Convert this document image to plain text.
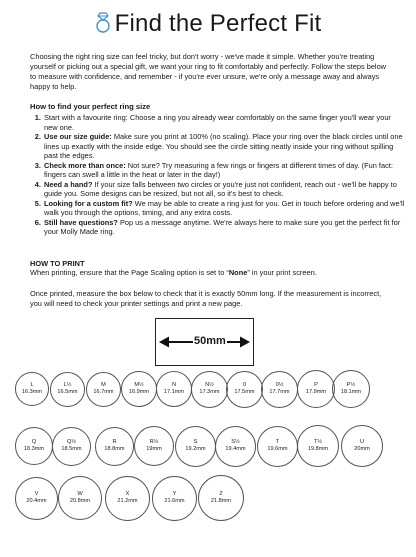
Find the Perfect Fit
Choosing the right ring size can feel tricky, but don't worry - we've made it simple. Whether you're treating yourself or picking out a special gift, we want your ring to fit comfortably and perfectly. Follow the steps below to measure with confidence, and remember - if you're ever unsure, we're only a message away and always happy to help.
How to find your perfect ring size
1. Start with a favourite ring: Choose a ring you already wear comfortably on the same finger you'll wear your new one.
2. Use our size guide: Make sure you print at 100% (no scaling). Place your ring over the black circles until one lines up exactly with the inside edge. You should see the circle sitting neatly inside your ring without spilling past the edges.
3. Check more than once: Not sure? Try measuring a few rings or fingers at different times of day. (Fun fact: fingers can swell a little in the heat or later in the day!)
4. Need a hand? If your size falls between two circles or you're just not confident, reach out - we'll be happy to guide you. Some designs can be resized, but not all, so it's best to check.
5. Looking for a custom fit? We may be able to create a ring just for you. Get in touch before ordering and we'll walk you through the options, timing, and any extra costs.
6. Still have questions? Pop us a message anytime. We're always here to make sure you get the perfect fit for your Molly Made ring.
HOW TO PRINT
When printing, ensure that the Page Scaling option is set to “None” in your print screen.
Once printed, measure the box below to check that it is exactly 50mm long. If the measurement is incorrect, you will need to check your printer settings and print a new page.
50mm
L
16.3mm
L½
16.5mm
M
16.7mm
M½
16.9mm
N
17.1mm
N½
17.3mm
0
17.5mm
0½
17.7mm
P
17.9mm
P½
18.1mm
Q
18.3mm
Q½
18.5mm
R
18.8mm
R½
19mm
S
19.2mm
S½
19.4mm
T
19.6mm
T½
19.8mm
U
20mm
V
20.4mm
W
20.8mm
X
21.2mm
Y
21.6mm
Z
21.8mm
